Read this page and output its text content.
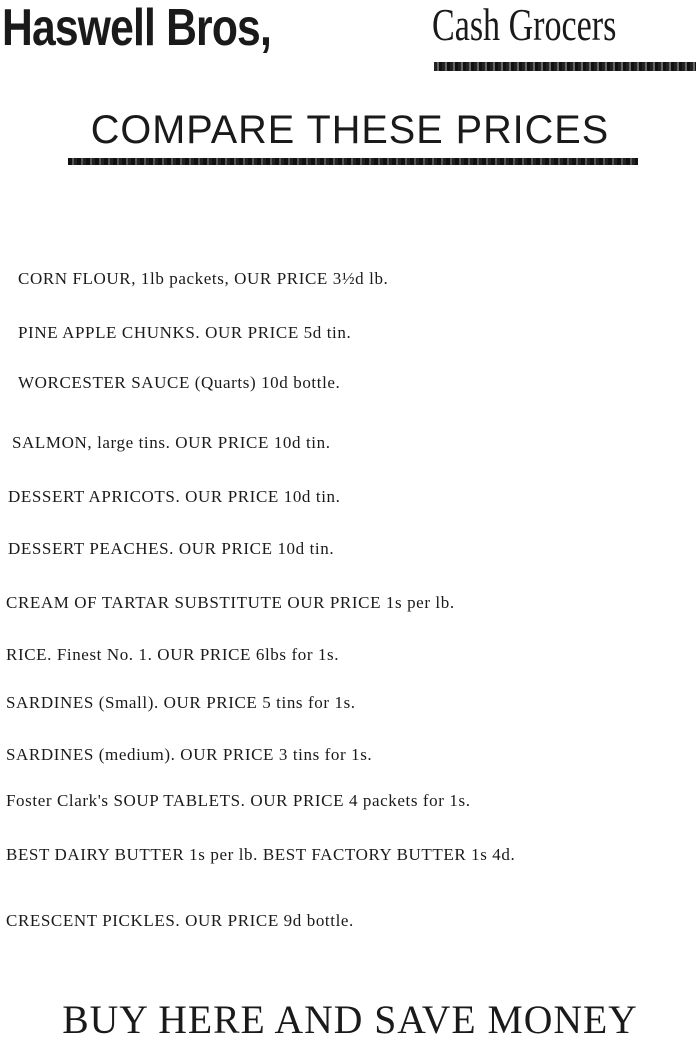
Haswell Bros,	Cash Grocers
COMPARE THESE PRICES
CORN FLOUR, 1lb packets, OUR PRICE 3½d lb.
PINE APPLE CHUNKS. OUR PRICE 5d tin.
WORCESTER SAUCE (Quarts) 10d bottle.
SALMON, large tins. OUR PRICE 10d tin.
DESSERT APRICOTS. OUR PRICE 10d tin.
DESSERT PEACHES. OUR PRICE 10d tin.
CREAM OF TARTAR SUBSTITUTE OUR PRICE 1s per lb.
RICE. Finest No. 1. OUR PRICE 6lbs for 1s.
SARDINES (Small). OUR PRICE 5 tins for 1s.
SARDINES (medium). OUR PRICE 3 tins for 1s.
Foster Clark's SOUP TABLETS. OUR PRICE 4 packets for 1s.
BEST DAIRY BUTTER 1s per lb. BEST FACTORY BUTTER 1s 4d.
CRESCENT PICKLES. OUR PRICE 9d bottle.
BUY HERE AND SAVE MONEY
